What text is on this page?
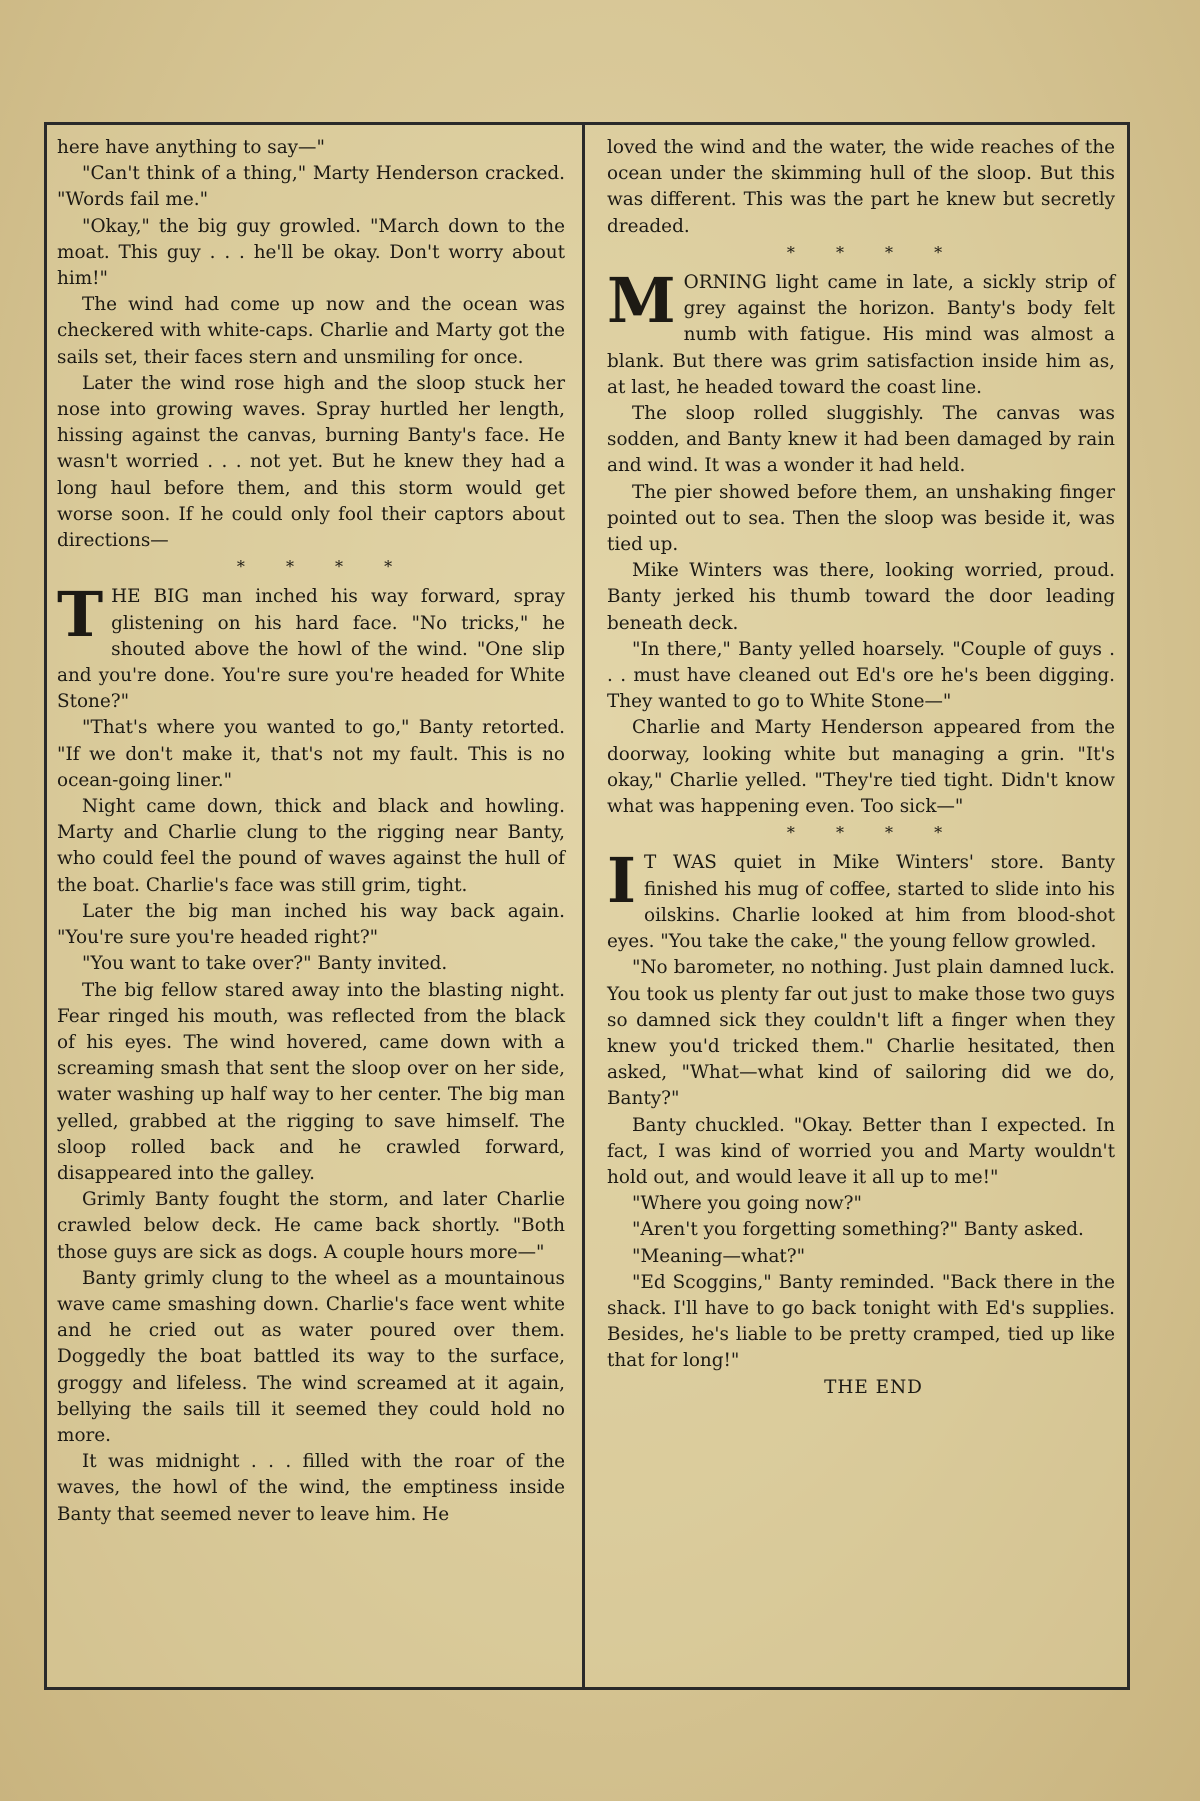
here have anything to say—"

"Can't think of a thing," Marty Henderson cracked. "Words fail me."

"Okay," the big guy growled. "March down to the moat. This guy . . . he'll be okay. Don't worry about him!"

The wind had come up now and the ocean was checkered with white-caps. Charlie and Marty got the sails set, their faces stern and unsmiling for once.

Later the wind rose high and the sloop stuck her nose into growing waves. Spray hurtled her length, hissing against the canvas, burning Banty's face. He wasn't worried . . . not yet. But he knew they had a long haul before them, and this storm would get worse soon. If he could only fool their captors about directions—

* * * *

T HE BIG man inched his way forward, spray glistening on his hard face. "No tricks," he shouted above the howl of the wind. "One slip and you're done. You're sure you're headed for White Stone?"

"That's where you wanted to go," Banty retorted. "If we don't make it, that's not my fault. This is no ocean-going liner."

Night came down, thick and black and howling. Marty and Charlie clung to the rigging near Banty, who could feel the pound of waves against the hull of the boat. Charlie's face was still grim, tight.

Later the big man inched his way back again. "You're sure you're headed right?"

"You want to take over?" Banty invited.

The big fellow stared away into the blasting night. Fear ringed his mouth, was reflected from the black of his eyes. The wind hovered, came down with a screaming smash that sent the sloop over on her side, water washing up half way to her center. The big man yelled, grabbed at the rigging to save himself. The sloop rolled back and he crawled forward, disappeared into the galley.

Grimly Banty fought the storm, and later Charlie crawled below deck. He came back shortly. "Both those guys are sick as dogs. A couple hours more—"

Banty grimly clung to the wheel as a mountainous wave came smashing down. Charlie's face went white and he cried out as water poured over them. Doggedly the boat battled its way to the surface, groggy and lifeless. The wind screamed at it again, bellying the sails till it seemed they could hold no more.

It was midnight . . . filled with the roar of the waves, the howl of the wind, the emptiness inside Banty that seemed never to leave him. He

loved the wind and the water, the wide reaches of the ocean under the skimming hull of the sloop. But this was different. This was the part he knew but secretly dreaded.

* * * *

M ORNING light came in late, a sickly strip of grey against the horizon. Banty's body felt numb with fatigue. His mind was almost a blank. But there was grim satisfaction inside him as, at last, he headed toward the coast line.

The sloop rolled sluggishly. The canvas was sodden, and Banty knew it had been damaged by rain and wind. It was a wonder it had held.

The pier showed before them, an unshaking finger pointed out to sea. Then the sloop was beside it, was tied up.

Mike Winters was there, looking worried, proud. Banty jerked his thumb toward the door leading beneath deck.

"In there," Banty yelled hoarsely. "Couple of guys . . . must have cleaned out Ed's ore he's been digging. They wanted to go to White Stone—"

Charlie and Marty Henderson appeared from the doorway, looking white but managing a grin. "It's okay," Charlie yelled. "They're tied tight. Didn't know what was happening even. Too sick—"

* * * *

I T WAS quiet in Mike Winters' store. Banty finished his mug of coffee, started to slide into his oilskins. Charlie looked at him from blood-shot eyes. "You take the cake," the young fellow growled.

"No barometer, no nothing. Just plain damned luck. You took us plenty far out just to make those two guys so damned sick they couldn't lift a finger when they knew you'd tricked them." Charlie hesitated, then asked, "What—what kind of sailoring did we do, Banty?"

Banty chuckled. "Okay. Better than I expected. In fact, I was kind of worried you and Marty wouldn't hold out, and would leave it all up to me!"

"Where you going now?"

"Aren't you forgetting something?" Banty asked.

"Meaning—what?"

"Ed Scoggins," Banty reminded. "Back there in the shack. I'll have to go back tonight with Ed's supplies. Besides, he's liable to be pretty cramped, tied up like that for long!"

THE END
